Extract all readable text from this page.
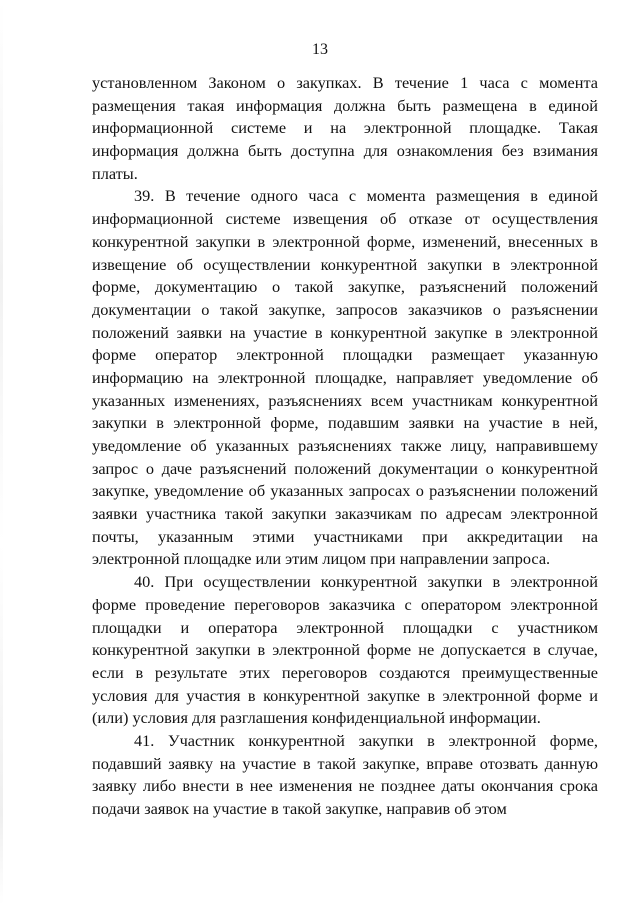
13
установленном Законом о закупках. В течение 1 часа с момента
размещения такая информация должна быть размещена в единой
информационной системе и на электронной площадке. Такая
информация должна быть доступна для ознакомления без взимания
платы.
39. В течение одного часа с момента размещения в единой
информационной системе извещения об отказе от осуществления
конкурентной закупки в электронной форме, изменений, внесенных в
извещение об осуществлении конкурентной закупки в электронной
форме, документацию о такой закупке, разъяснений положений
документации о такой закупке, запросов заказчиков о разъяснении
положений заявки на участие в конкурентной закупке в электронной
форме оператор электронной площадки размещает указанную
информацию на электронной площадке, направляет уведомление об
указанных изменениях, разъяснениях всем участникам конкурентной
закупки в электронной форме, подавшим заявки на участие в ней,
уведомление об указанных разъяснениях также лицу, направившему
запрос о даче разъяснений положений документации о конкурентной
закупке, уведомление об указанных запросах о разъяснении положений
заявки участника такой закупки заказчикам по адресам электронной
почты, указанным этими участниками при аккредитации на
электронной площадке или этим лицом при направлении запроса.
40. При осуществлении конкурентной закупки в электронной
форме проведение переговоров заказчика с оператором электронной
площадки и оператора электронной площадки с участником
конкурентной закупки в электронной форме не допускается в случае,
если в результате этих переговоров создаются преимущественные
условия для участия в конкурентной закупке в электронной форме и
(или) условия для разглашения конфиденциальной информации.
41. Участник конкурентной закупки в электронной форме,
подавший заявку на участие в такой закупке, вправе отозвать данную
заявку либо внести в нее изменения не позднее даты окончания срока
подачи заявок на участие в такой закупке, направив об этом
